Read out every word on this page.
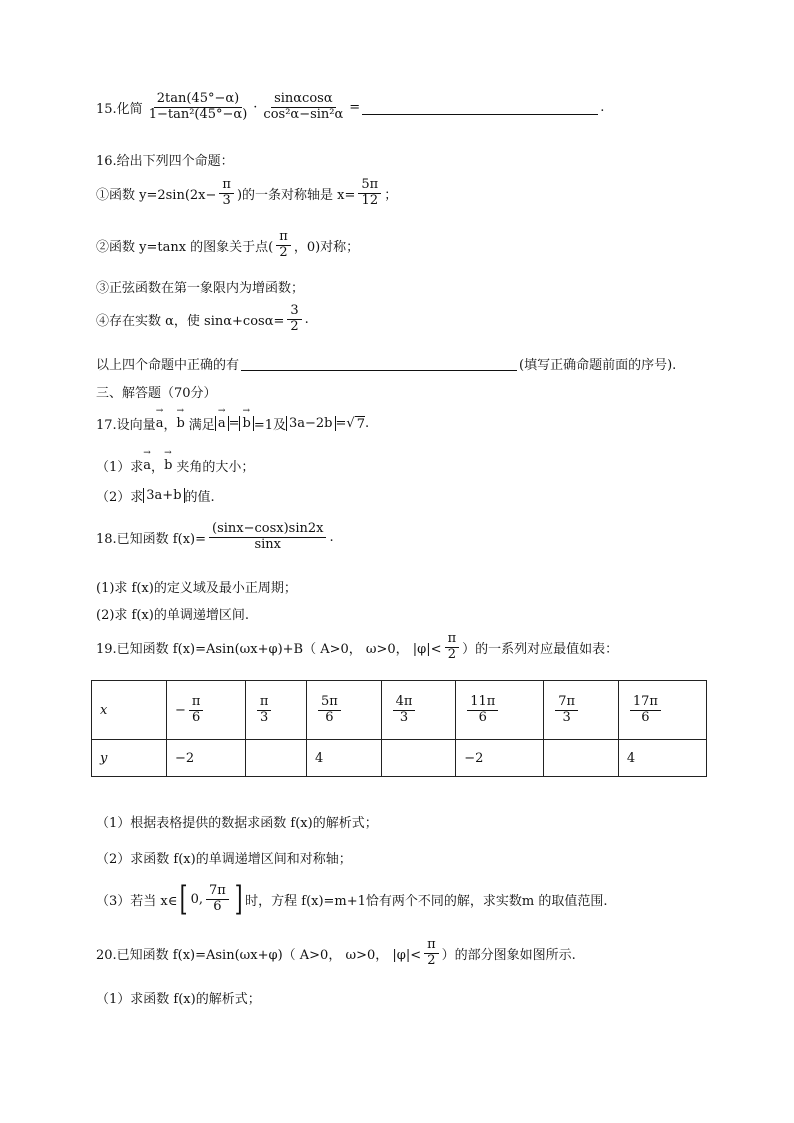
15.化简 $\frac{2\tan(45^\circ-\alpha)}{\text{1−tan²(45°−α)}} \cdot \frac{\sin\alpha\cos\alpha}{\text{cos²α−sin²α}}$ =	.
16.给出下列四个命题：
①函数 $y=2\sin(2x- \frac{\pi}{3}$ )的一条对称轴是 $x= \frac{5\pi}{12}$ ；
②函数 y=tanx 的图象关于点( $\frac{\pi}{2}$ ，0)对称；
③正弦函数在第一象限内为增函数；
④存在实数 α，使 $\sin\alpha+\cos\alpha= \frac{3}{2}$ .
以上四个命题中正确的有	(填写正确命题前面的序号).
三、解答题（70分）
17.设向量 → a ， → b 满足 → a = → b =1及 3a−2b = √ 7 .
（1）求 → a ， → b 夹角的大小；
（2）求 3a+b 的值.
18.已知函数 $f(x)= \frac{(\sin x-\cos x)\sin 2x}{\sin x}$ .
(1)求 f(x)的定义域及最小正周期；
(2)求 f(x)的单调递增区间.
19.已知函数 f(x)=Asin(ωx+φ)+B（ A>0， ω>0， $|\varphi|< \frac{\pi}{2}$ ）的一系列对应最值如表：
x	− $\frac{\pi}{6}$	$\frac{\pi}{3}$	$\frac{5\pi}{6}$	$\frac{4\pi}{3}$	$\frac{11\pi}{6}$	$\frac{7\pi}{3}$	$\frac{17\pi}{6}$

y	−2		4		−2		4
（1）根据表格提供的数据求函数 f(x)的解析式；
（2）求函数 f(x)的单调递增区间和对称轴；
（3）若当 x∈ [ 0, $\frac{7\pi}{6}$ ] 时，方程 f(x)=m+1恰有两个不同的解，求实数m 的取值范围.
20.已知函数 f(x)=Asin(ωx+φ)（ A>0， ω>0， $|\varphi|< \frac{\pi}{2}$ ）的部分图象如图所示.
（1）求函数 f(x)的解析式；
